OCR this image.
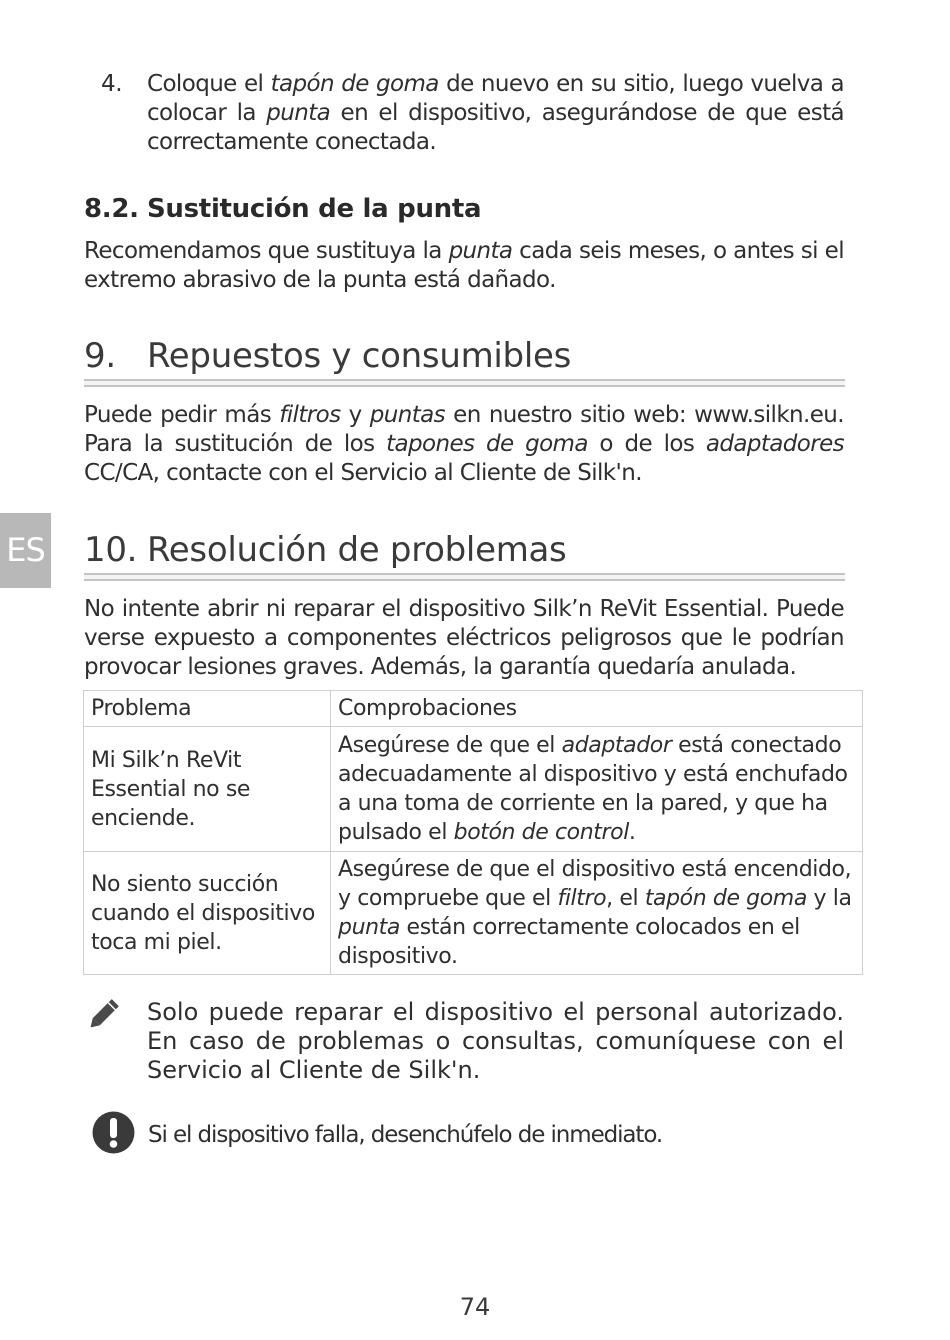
4. Coloque el tapón de goma de nuevo en su sitio, luego vuelva a colocar la punta en el dispositivo, asegurándose de que está correctamente conectada.
8.2. Sustitución de la punta
Recomendamos que sustituya la punta cada seis meses, o antes si el extremo abrasivo de la punta está dañado.
9. Repuestos y consumibles
Puede pedir más filtros y puntas en nuestro sitio web: www.silkn.eu. Para la sustitución de los tapones de goma o de los adaptadores CC/CA, contacte con el Servicio al Cliente de Silk'n.
ES 10. Resolución de problemas
No intente abrir ni reparar el dispositivo Silk’n ReVit Essential. Puede verse expuesto a componentes eléctricos peligrosos que le podrían provocar lesiones graves. Además, la garantía quedaría anulada.
Problema	Comprobaciones
Mi Silk’n ReVit Essential no se enciende.	Asegúrese de que el adaptador está conectado adecuadamente al dispositivo y está enchufado a una toma de corriente en la pared, y que ha pulsado el botón de control.
No siento succión cuando el dispositivo toca mi piel.	Asegúrese de que el dispositivo está encendido, y compruebe que el filtro, el tapón de goma y la punta están correctamente colocados en el dispositivo.
Solo puede reparar el dispositivo el personal autorizado. En caso de problemas o consultas, comuníquese con el Servicio al Cliente de Silk'n.
Si el dispositivo falla, desenchúfelo de inmediato.
74
